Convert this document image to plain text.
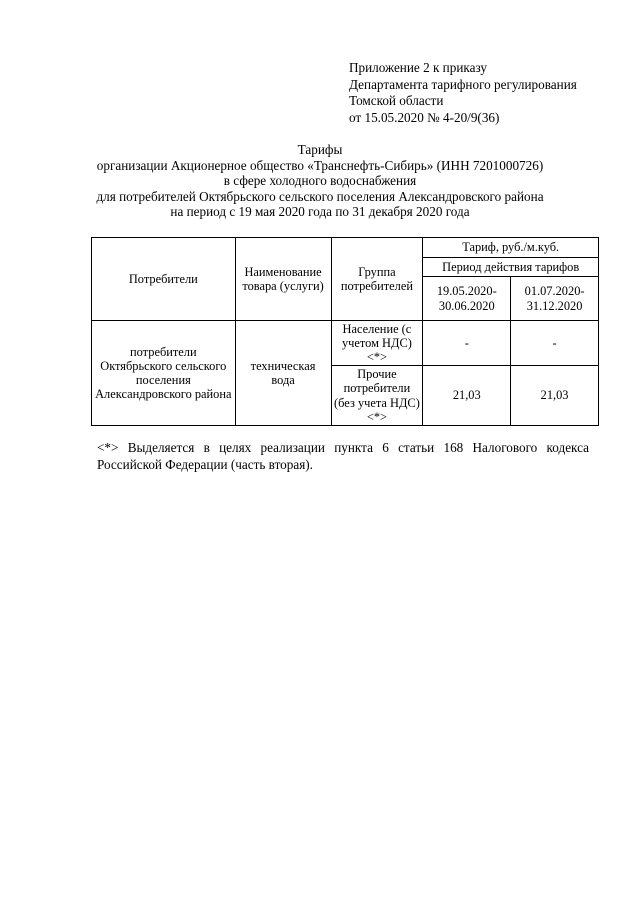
Приложение 2 к приказу
Департамента тарифного регулирования
Томской области
от 15.05.2020 № 4-20/9(36)
Тарифы
организации Акционерное общество «Транснефть-Сибирь» (ИНН 7201000726)
в сфере холодного водоснабжения
для потребителей Октябрьского сельского поселения Александровского района
на период с 19 мая 2020 года по 31 декабря 2020 года
Потребители	Наименование товара (услуги)	Группа потребителей	Тариф, руб./м.куб.	
			Период действия тарифов	
			19.05.2020-30.06.2020	01.07.2020-31.12.2020
потребители Октябрьского сельского поселения Александровского района	техническая вода	Население (с учетом НДС) <*>	-	-
		Прочие потребители (без учета НДС) <*>	21,03	21,03
<*> Выделяется в целях реализации пункта 6 статьи 168 Налогового кодекса Российской Федерации (часть вторая).
